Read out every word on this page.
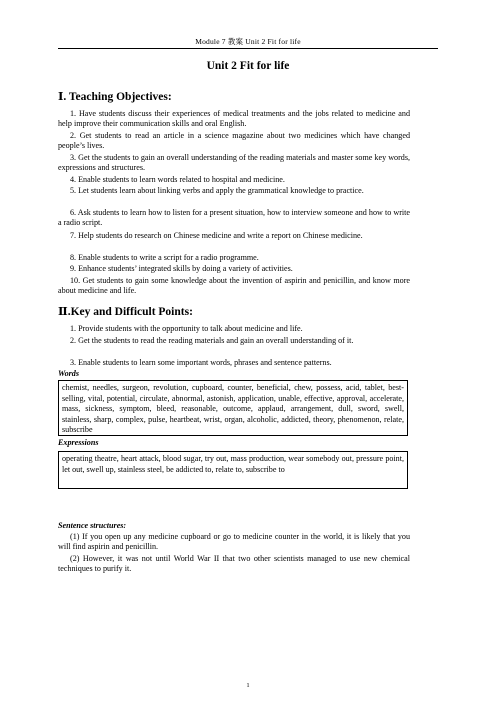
Module 7 教案 Unit 2 Fit for life
Unit 2 Fit for life
Ⅰ. Teaching Objectives:
1. Have students discuss their experiences of medical treatments and the jobs related to medicine and help improve their communication skills and oral English.
2. Get students to read an article in a science magazine about two medicines which have changed people’s lives.
3. Get the students to gain an overall understanding of the reading materials and master some key words, expressions and structures.
4. Enable students to learn words related to hospital and medicine.
5. Let students learn about linking verbs and apply the grammatical knowledge to practice.
6. Ask students to learn how to listen for a present situation, how to interview someone and how to write a radio script.
7. Help students do research on Chinese medicine and write a report on Chinese medicine.
8. Enable students to write a script for a radio programme.
9. Enhance students’ integrated skills by doing a variety of activities.
10. Get students to gain some knowledge about the invention of aspirin and penicillin, and know more about medicine and life.
Ⅱ.Key and Difficult Points:
1. Provide students with the opportunity to talk about medicine and life.
2. Get the students to read the reading materials and gain an overall understanding of it.
3. Enable students to learn some important words, phrases and sentence patterns.
Words
chemist, needles, surgeon, revolution, cupboard, counter, beneficial, chew, possess, acid, tablet, best-selling, vital, potential, circulate, abnormal, astonish, application, unable, effective, approval, accelerate, mass, sickness, symptom, bleed, reasonable, outcome, applaud, arrangement, dull, sword, swell, stainless, sharp, complex, pulse, heartbeat, wrist, organ, alcoholic, addicted, theory, phenomenon, relate, subscribe
Expressions
operating theatre, heart attack, blood sugar, try out, mass production, wear somebody out, pressure point, let out, swell up, stainless steel, be addicted to, relate to, subscribe to
Sentence structures:
(1) If you open up any medicine cupboard or go to medicine counter in the world, it is likely that you will find aspirin and penicillin.
(2) However, it was not until World War II that two other scientists managed to use new chemical techniques to purify it.
1
